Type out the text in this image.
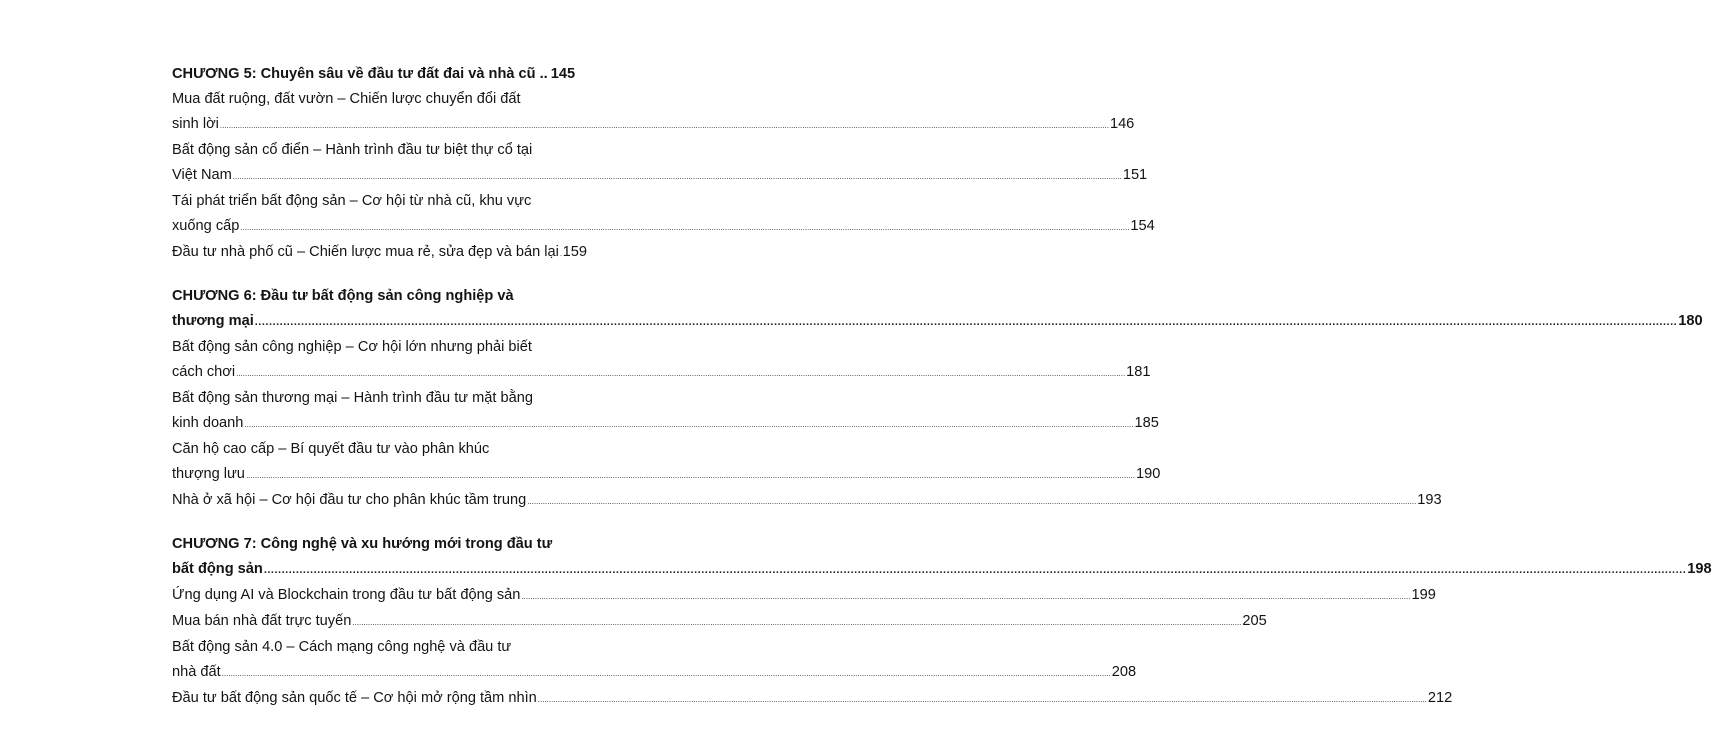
CHƯƠNG 5: Chuyên sâu về đầu tư đất đai và nhà cũ .. 145
Mua đất ruộng, đất vườn – Chiến lược chuyển đổi đất
sinh lời ................................................................................................................................................................................................................................................................................................................................................................................................................ 146
Bất động sản cổ điển – Hành trình đầu tư biệt thự cổ tại
Việt Nam ................................................................................................................................................................................................................................................................................................................................................................................................................ 151
Tái phát triển bất động sản – Cơ hội từ nhà cũ, khu vực
xuống cấp ................................................................................................................................................................................................................................................................................................................................................................................................................ 154
Đầu tư nhà phố cũ – Chiến lược mua rẻ, sửa đẹp và bán lại 159
CHƯƠNG 6: Đầu tư bất động sản công nghiệp và
thương mại ................................................................................................................................................................................................................................................................................................................................................................................................................ 180
Bất động sản công nghiệp – Cơ hội lớn nhưng phải biết
cách chơi ................................................................................................................................................................................................................................................................................................................................................................................................................ 181
Bất động sản thương mại – Hành trình đầu tư mặt bằng
kinh doanh ................................................................................................................................................................................................................................................................................................................................................................................................................ 185
Căn hộ cao cấp – Bí quyết đầu tư vào phân khúc
thượng lưu ................................................................................................................................................................................................................................................................................................................................................................................................................ 190
Nhà ở xã hội – Cơ hội đầu tư cho phân khúc tầm trung ................................................................................................................................................................................................................................................................................................................................................................................................................ 193
CHƯƠNG 7: Công nghệ và xu hướng mới trong đầu tư
bất động sản ................................................................................................................................................................................................................................................................................................................................................................................................................ 198
Ứng dụng AI và Blockchain trong đầu tư bất động sản ................................................................................................................................................................................................................................................................................................................................................................................................................ 199
Mua bán nhà đất trực tuyến ................................................................................................................................................................................................................................................................................................................................................................................................................ 205
Bất động sản 4.0 – Cách mạng công nghệ và đầu tư
nhà đất ................................................................................................................................................................................................................................................................................................................................................................................................................ 208
Đầu tư bất động sản quốc tế – Cơ hội mở rộng tầm nhìn ................................................................................................................................................................................................................................................................................................................................................................................................................ 212
